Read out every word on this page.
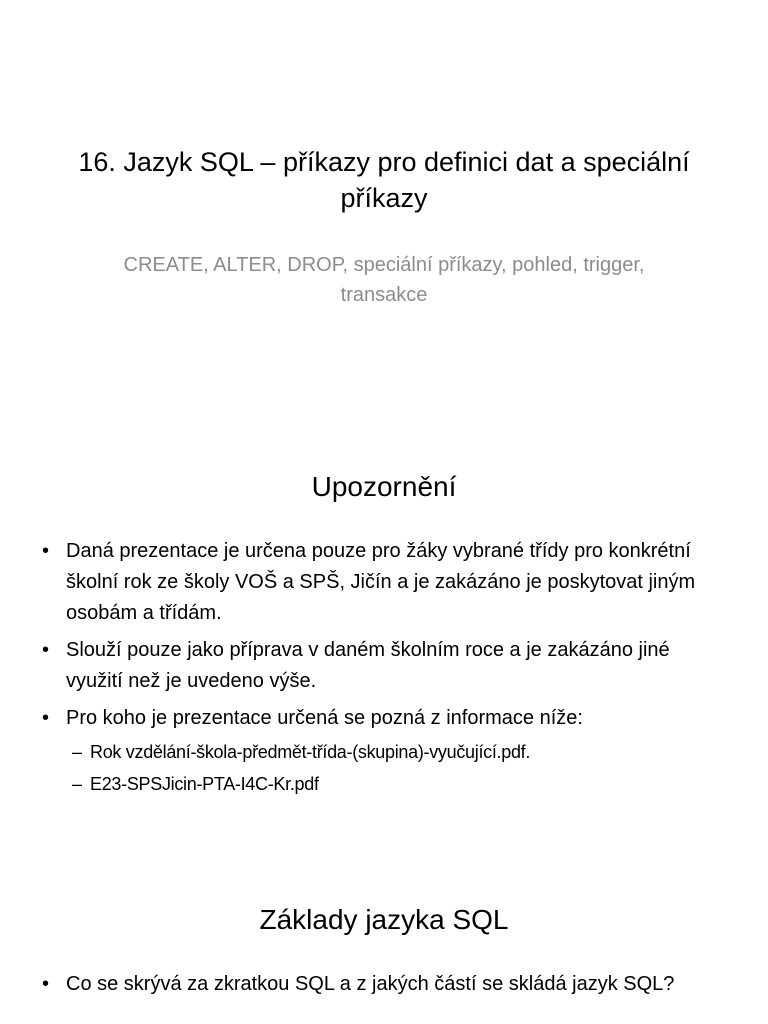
16. Jazyk SQL – příkazy pro definici dat a speciální příkazy
CREATE, ALTER, DROP, speciální příkazy, pohled, trigger, transakce
Upozornění
• Daná prezentace je určena pouze pro žáky vybrané třídy pro konkrétní školní rok ze školy VOŠ a SPŠ, Jičín a je zakázáno je poskytovat jiným osobám a třídám.
• Slouží pouze jako příprava v daném školním roce a je zakázáno jiné využití než je uvedeno výše.
• Pro koho je prezentace určená se pozná z informace níže:
– Rok vzdělání-škola-předmět-třída-(skupina)-vyučující.pdf.
– E23-SPSJicin-PTA-I4C-Kr.pdf
Základy jazyka SQL
• Co se skrývá za zkratkou SQL a z jakých částí se skládá jazyk SQL?
